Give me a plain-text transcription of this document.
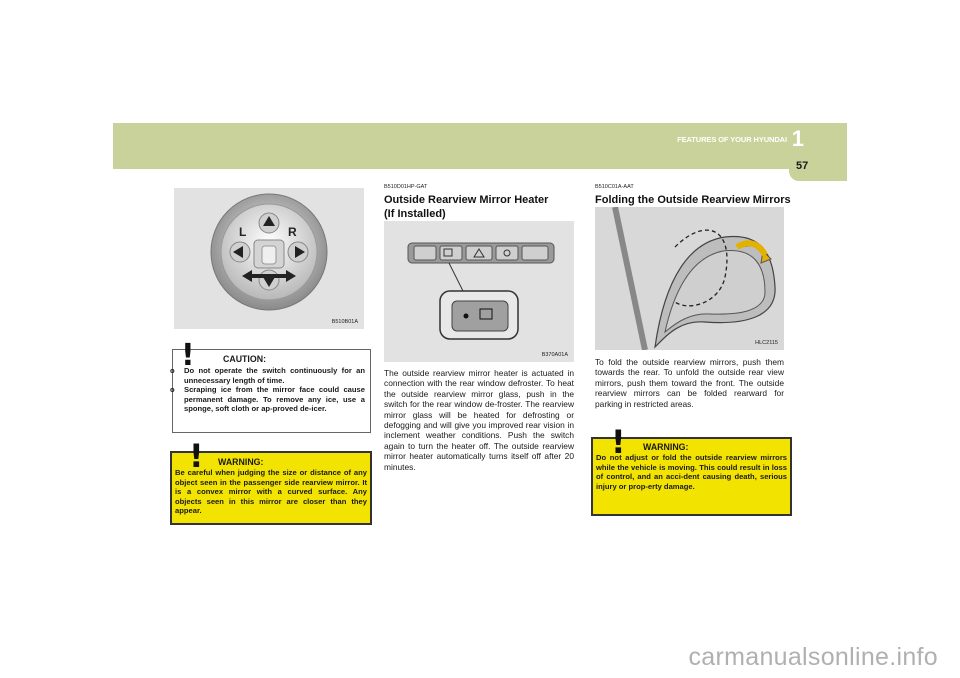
FEATURES OF YOUR HYUNDAI 1
57
L	R
B510B01A
!	CAUTION:
o Do not operate the switch continuously for an unnecessary length of time.
o Scraping ice from the mirror face could cause permanent damage. To remove any ice, use a sponge, soft cloth or ap-proved de-icer.
! WARNING:
Be careful when judging the size or distance of any object seen in the passenger side rearview mirror. It is a convex mirror with a curved surface. Any objects seen in this mirror are closer than they appear.
B510D01HP-GAT
Outside Rearview Mirror Heater
(If Installed)
B370A01A
The outside rearview mirror heater is actuated in connection with the rear window defroster. To heat the outside rearview mirror glass, push in the switch for the rear window de-froster. The rearview mirror glass will be heated for defrosting or defogging and will give you improved rear vision in inclement weather conditions. Push the switch again to turn the heater off. The outside rearview mirror heater automatically turns itself off after 20 minutes.
B510C01A-AAT
Folding the Outside Rearview Mirrors
HLC2115
To fold the outside rearview mirrors, push them towards the rear. To unfold the outside rear view mirrors, push them toward the front. The outside rearview mirrors can be folded rearward for parking in restricted areas.
! WARNING:
Do not adjust or fold the outside rearview mirrors while the vehicle is moving. This could result in loss of control, and an acci-dent causing death, serious injury or prop-erty damage.
carmanualsonline.info
